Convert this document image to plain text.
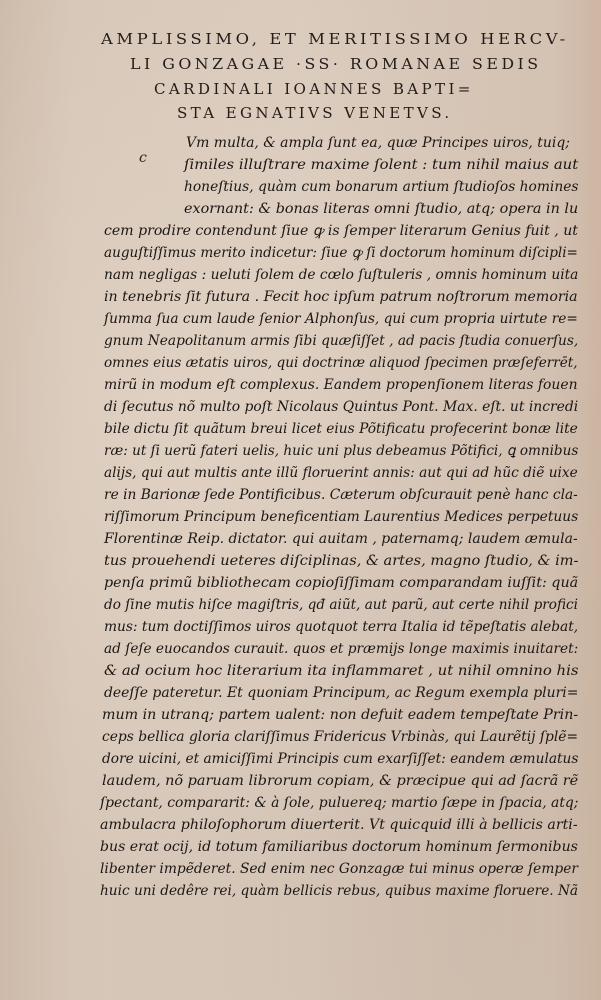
AMPLISSIMO, ET MERITISSIMO HERCV-
LI GONZAGAE ·SS· ROMANAE SEDIS
CARDINALI IOANNES BAPTI=
STA EGNATIVS VENETVS.
c
Vm multa, & ampla ſunt ea, quæ Principes uiros, tuiq;
ſimiles illuſtrare maxime ſolent : tum nihil maius aut
honeſtius, quàm cum bonarum artium ſtudioſos homines
exornant: & bonas literas omni ſtudio, atq; opera in lu
cem prodire contendunt ſiue ꝙ is ſemper literarum Genius fuit , ut
auguſtiſſimus merito indicetur: ſiue ꝙ ſi doctorum hominum diſcipli=
nam negligas : ueluti ſolem de cœlo ſuſtuleris , omnis hominum uita
in tenebris ſit futura . Fecit hoc ipſum patrum noſtrorum memoria
ſumma ſua cum laude ſenior Alphonſus, qui cum propria uirtute re=
gnum Neapolitanum armis ſibi quæſiſſet , ad pacis ſtudia conuerſus,
omnes eius ætatis uiros, qui doctrinæ aliquod ſpecimen præſeferrēt,
mirũ in modum eſt complexus. Eandem propenſionem literas fouen
di ſecutus nõ multo poſt Nicolaus Quintus Pont. Max. eſt. ut incredi
bile dictu ſit quãtum breui licet eius Põtificatu profecerint bonæ lite
ræ: ut ſi uerũ fateri uelis, huic uni plus debeamus Põtifici, ꝗ omnibus
alijs, qui aut multis ante illũ floruerint annis: aut qui ad hũc diẽ uixe
re in Barionæ ſede Pontificibus. Cæterum obſcurauit penè hanc cla-
riſſimorum Principum beneficentiam Laurentius Medices perpetuus
Florentinæ Reip. dictator. qui auitam , paternamq; laudem æmula-
tus prouehendi ueteres diſciplinas, & artes, magno ſtudio, & im-
penſa primũ bibliothecam copioſiſſimam comparandam iuſſit: quã
do ſine mutis hiſce magiſtris, qđ aiũt, aut parũ, aut certe nihil profici
mus: tum doctiſſimos uiros quotquot terra Italia id tẽpeſtatis alebat,
ad ſeſe euocandos curauit. quos et præmijs longe maximis inuitaret:
& ad ocium hoc literarium ita inflammaret , ut nihil omnino his
deeſſe pateretur. Et quoniam Principum, ac Regum exempla pluri=
mum in utranq; partem ualent: non defuit eadem tempeſtate Prin-
ceps bellica gloria clariſſimus Fridericus Vrbinàs, qui Laurẽtij ſplẽ=
dore uicini, et amiciſſimi Principis cum exarſiſſet: eandem æmulatus
laudem, nõ paruam librorum copiam, & præcipue qui ad ſacrã rẽ
ſpectant, compararit: & à ſole, puluereq; martio ſæpe in ſpacia, atq;
ambulacra philoſophorum diuerterit. Vt quicquid illi à bellicis arti-
bus erat ocij, id totum familiaribus doctorum hominum ſermonibus
libenter impẽderet. Sed enim nec Gonzagæ tui minus operæ ſemper
huic uni dedêre rei, quàm bellicis rebus, quibus maxime floruere. Nã
